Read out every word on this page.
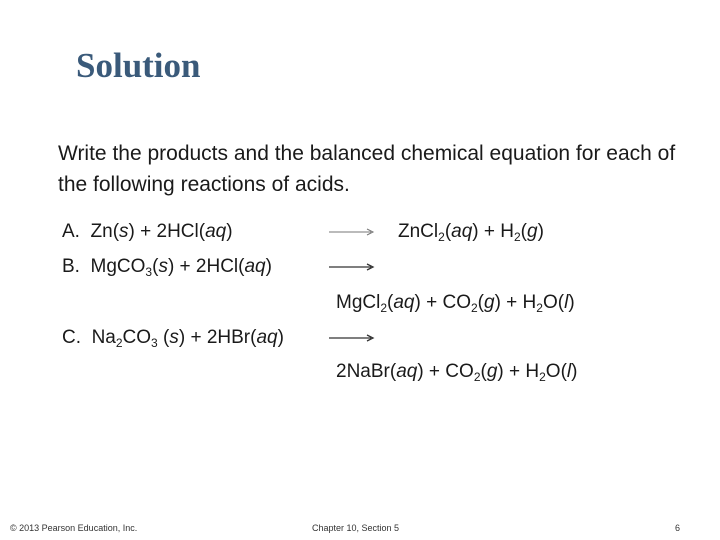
Solution
Write the products and the balanced chemical equation for each of the following reactions of acids.
A. Zn(s) + 2HCl(aq)	ZnCl$_2$(aq) + $H_2(g)$
B. MgCO$_3$(s) + 2HCl(aq)
MgCl$_2$(aq) + $CO_2(g) + H_2O(l)$
C. $Na_2CO_3$ (s) + 2HBr(aq)
2NaBr(aq) + $CO_2(g) + H_2O(l)$
© 2013 Pearson Education, Inc.	Chapter 10, Section 5	6
